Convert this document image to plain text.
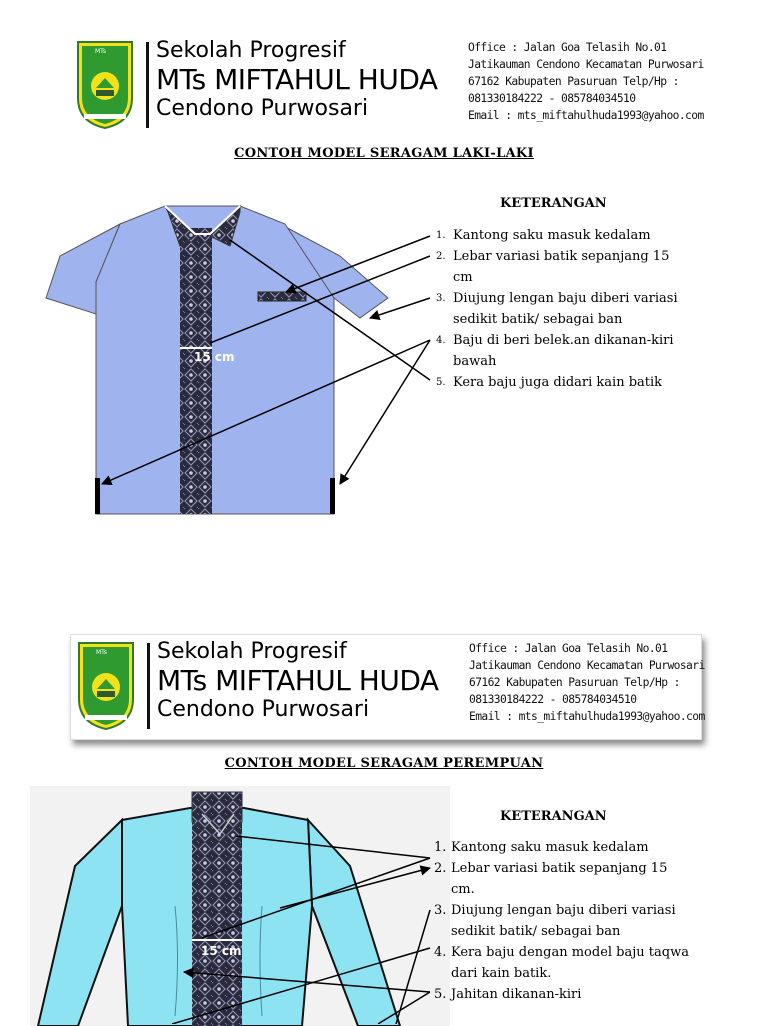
MTs Sekolah Progresif
MTs MIFTAHUL HUDA
Cendono Purwosari
Office : Jalan Goa Telasih No.01
Jatikauman Cendono Kecamatan Purwosari
67162 Kabupaten Pasuruan Telp/Hp :
081330184222 - 085784034510
Email : mts_miftahulhuda1993@yahoo.com
CONTOH MODEL SERAGAM LAKI-LAKI
15 cm
KETERANGAN
1. Kantong saku masuk kedalam
2. Lebar variasi batik sepanjang 15 cm
3. Diujung lengan baju diberi variasi sedikit batik/ sebagai ban
4. Baju di beri belek.an dikanan-kiri bawah
5. Kera baju juga didari kain batik
MTs Sekolah Progresif
MTs MIFTAHUL HUDA
Cendono Purwosari
Office : Jalan Goa Telasih No.01
Jatikauman Cendono Kecamatan Purwosari
67162 Kabupaten Pasuruan Telp/Hp :
081330184222 - 085784034510
Email : mts_miftahulhuda1993@yahoo.com
CONTOH MODEL SERAGAM PEREMPUAN
15 cm
KETERANGAN
1. Kantong saku masuk kedalam
2. Lebar variasi batik sepanjang 15 cm.
3. Diujung lengan baju diberi variasi sedikit batik/ sebagai ban
4. Kera baju dengan model baju taqwa dari kain batik.
5. Jahitan dikanan-kiri
